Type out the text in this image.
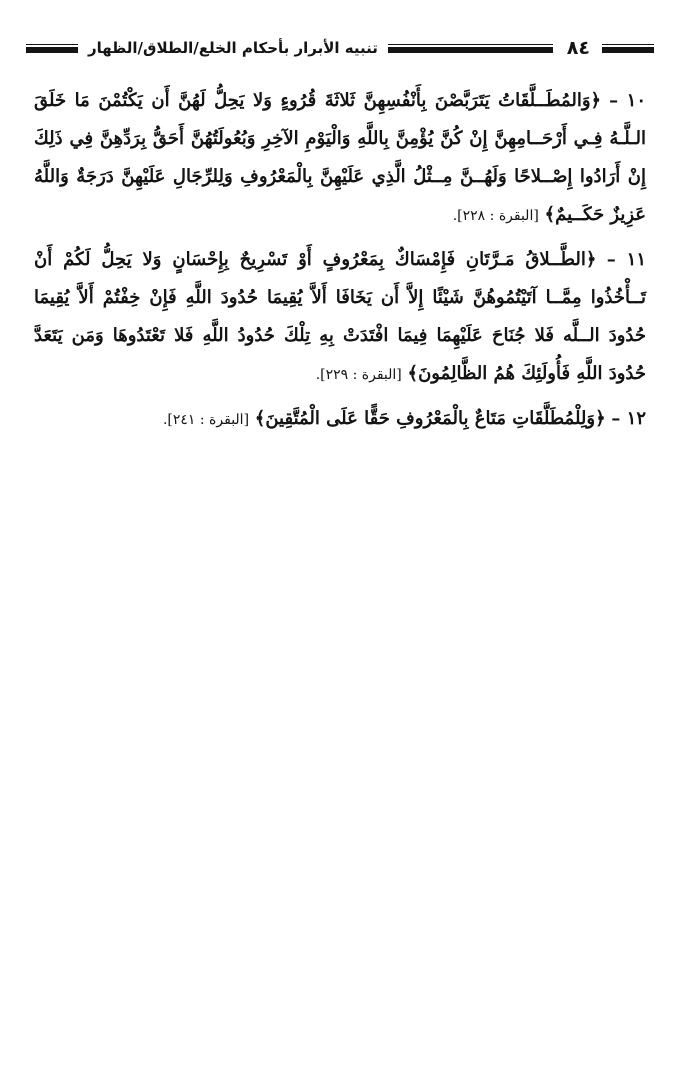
٨٤
تنبيه الأبرار بأحكام الخلع/الطلاق/الظهار

١٠ – ﴿وَالمُطَــلَّقَاتُ يَتَرَبَّصْنَ بِأَنْفُسِهِنَّ ثَلاثَةَ قُرُوءٍ وَلا يَحِلُّ لَهُنَّ أَن يَكْتُمْنَ مَا خَلَقَ الـلَّـهُ فِـي أَرْحَــامِهِنَّ إِنْ كُنَّ يُؤْمِنَّ بِاللَّهِ وَالْيَوْمِ الآخِرِ وَبُعُولَتُهُنَّ أَحَقُّ بِرَدِّهِنَّ فِي ذَلِكَ إِنْ أَرَادُوا إِصْــلاحًا وَلَهُــنَّ مِــثْلُ الَّذِي عَلَيْهِنَّ بِالْمَعْرُوفِ وَلِلرِّجَالِ عَلَيْهِنَّ دَرَجَةٌ وَاللَّهُ عَزِيزٌ حَكَــيمٌ﴾ [البقرة : ٢٢٨].

١١ – ﴿الطَّــلاقُ مَـرَّتَانِ فَإِمْسَاكٌ بِمَعْرُوفٍ أَوْ تَسْرِيحٌ بِإِحْسَانٍ وَلا يَحِلُّ لَكُمْ أَنْ تَــأْخُذُوا مِمَّــا آتَيْتُمُوهُنَّ شَيْئًا إِلاَّ أَن يَخَافَا أَلاَّ يُقِيمَا حُدُودَ اللَّهِ فَإِنْ خِفْتُمْ أَلاَّ يُقِيمَا حُدُودَ الــلَّه فَلا جُنَاحَ عَلَيْهِمَا فِيمَا افْتَدَتْ بِهِ تِلْكَ حُدُودُ اللَّهِ فَلا تَعْتَدُوهَا وَمَن يَتَعَدَّ حُدُودَ اللَّهِ فَأُولَئِكَ هُمُ الظَّالِمُونَ﴾ [البقرة : ٢٢٩].

١٢ – ﴿وَلِلْمُطَلَّقَاتِ مَتَاعٌ بِالْمَعْرُوفِ حَقًّا عَلَى الْمُتَّقِينَ﴾ [البقرة : ٢٤١].
